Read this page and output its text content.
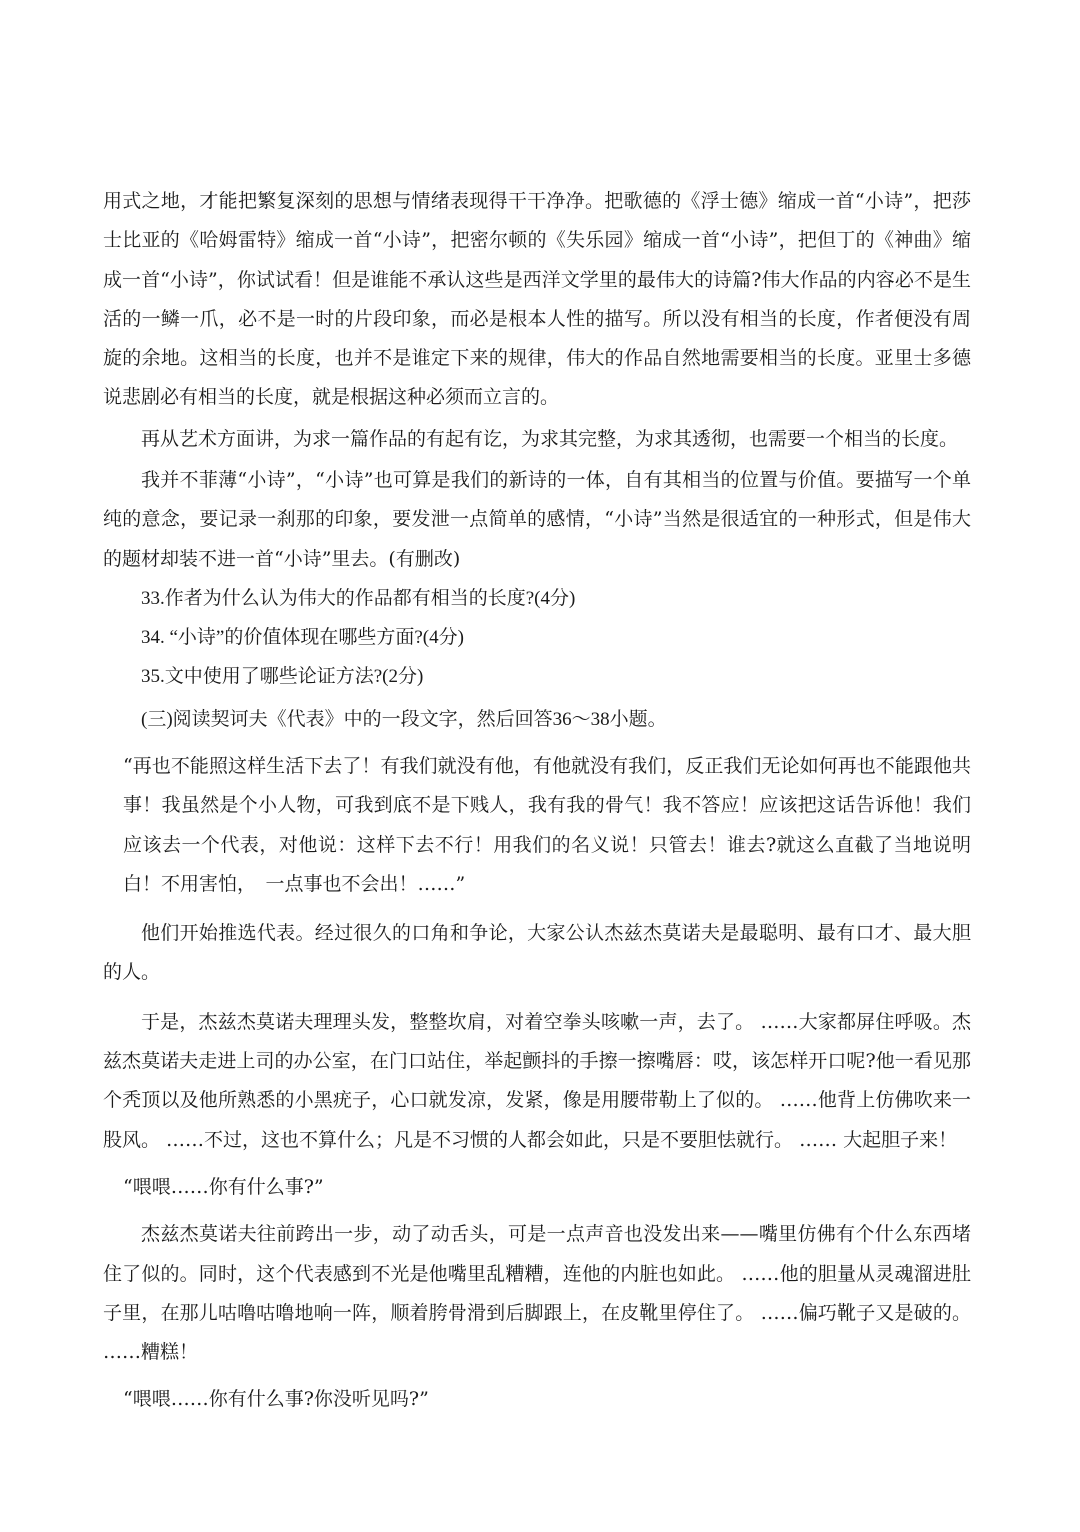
用式之地，才能把繁复深刻的思想与情绪表现得干干净净。把歌德的《浮士德》缩成一首“小诗”，把莎士比亚的《哈姆雷特》缩成一首“小诗”，把密尔顿的《失乐园》缩成一首“小诗”，把但丁的《神曲》缩成一首“小诗”，你试试看！但是谁能不承认这些是西洋文学里的最伟大的诗篇?伟大作品的内容必不是生活的一鳞一爪，必不是一时的片段印象，而必是根本人性的描写。所以没有相当的长度，作者便没有周旋的余地。这相当的长度，也并不是谁定下来的规律，伟大的作品自然地需要相当的长度。亚里士多德说悲剧必有相当的长度，就是根据这种必须而立言的。

再从艺术方面讲，为求一篇作品的有起有讫，为求其完整，为求其透彻，也需要一个相当的长度。

我并不菲薄“小诗”，“小诗”也可算是我们的新诗的一体，自有其相当的位置与价值。要描写一个单纯的意念，要记录一刹那的印象，要发泄一点简单的感情，“小诗”当然是很适宜的一种形式，但是伟大的题材却装不进一首“小诗”里去。(有删改)

33.作者为什么认为伟大的作品都有相当的长度?(4分)

34. “小诗”的价值体现在哪些方面?(4分)

35.文中使用了哪些论证方法?(2分)

(三)阅读契诃夫《代表》中的一段文字，然后回答36～38小题。

“再也不能照这样生活下去了！有我们就没有他，有他就没有我们，反正我们无论如何再也不能跟他共事！我虽然是个小人物，可我到底不是下贱人，我有我的骨气！我不答应！应该把这话告诉他！我们应该去一个代表，对他说：这样下去不行！用我们的名义说！只管去！谁去?就这么直截了当地说明白！不用害怕，　一点事也不会出！……”

他们开始推选代表。经过很久的口角和争论，大家公认杰兹杰莫诺夫是最聪明、最有口才、最大胆的人。

于是，杰兹杰莫诺夫理理头发，整整坎肩，对着空拳头咳嗽一声，去了。 ……大家都屏住呼吸。杰兹杰莫诺夫走进上司的办公室，在门口站住，举起颤抖的手擦一擦嘴唇：哎，该怎样开口呢?他一看见那个秃顶以及他所熟悉的小黑疣子，心口就发凉，发紧，像是用腰带勒上了似的。 ……他背上仿佛吹来一股风。 ……不过，这也不算什么；凡是不习惯的人都会如此，只是不要胆怯就行。 …… 大起胆子来！

“喂喂……你有什么事?”

杰兹杰莫诺夫往前跨出一步，动了动舌头，可是一点声音也没发出来——嘴里仿佛有个什么东西堵住了似的。同时，这个代表感到不光是他嘴里乱糟糟，连他的内脏也如此。 ……他的胆量从灵魂溜进肚子里，在那儿咕噜咕噜地响一阵，顺着胯骨滑到后脚跟上，在皮靴里停住了。 ……偏巧靴子又是破的。 ……糟糕！

“喂喂……你有什么事?你没听见吗?”
